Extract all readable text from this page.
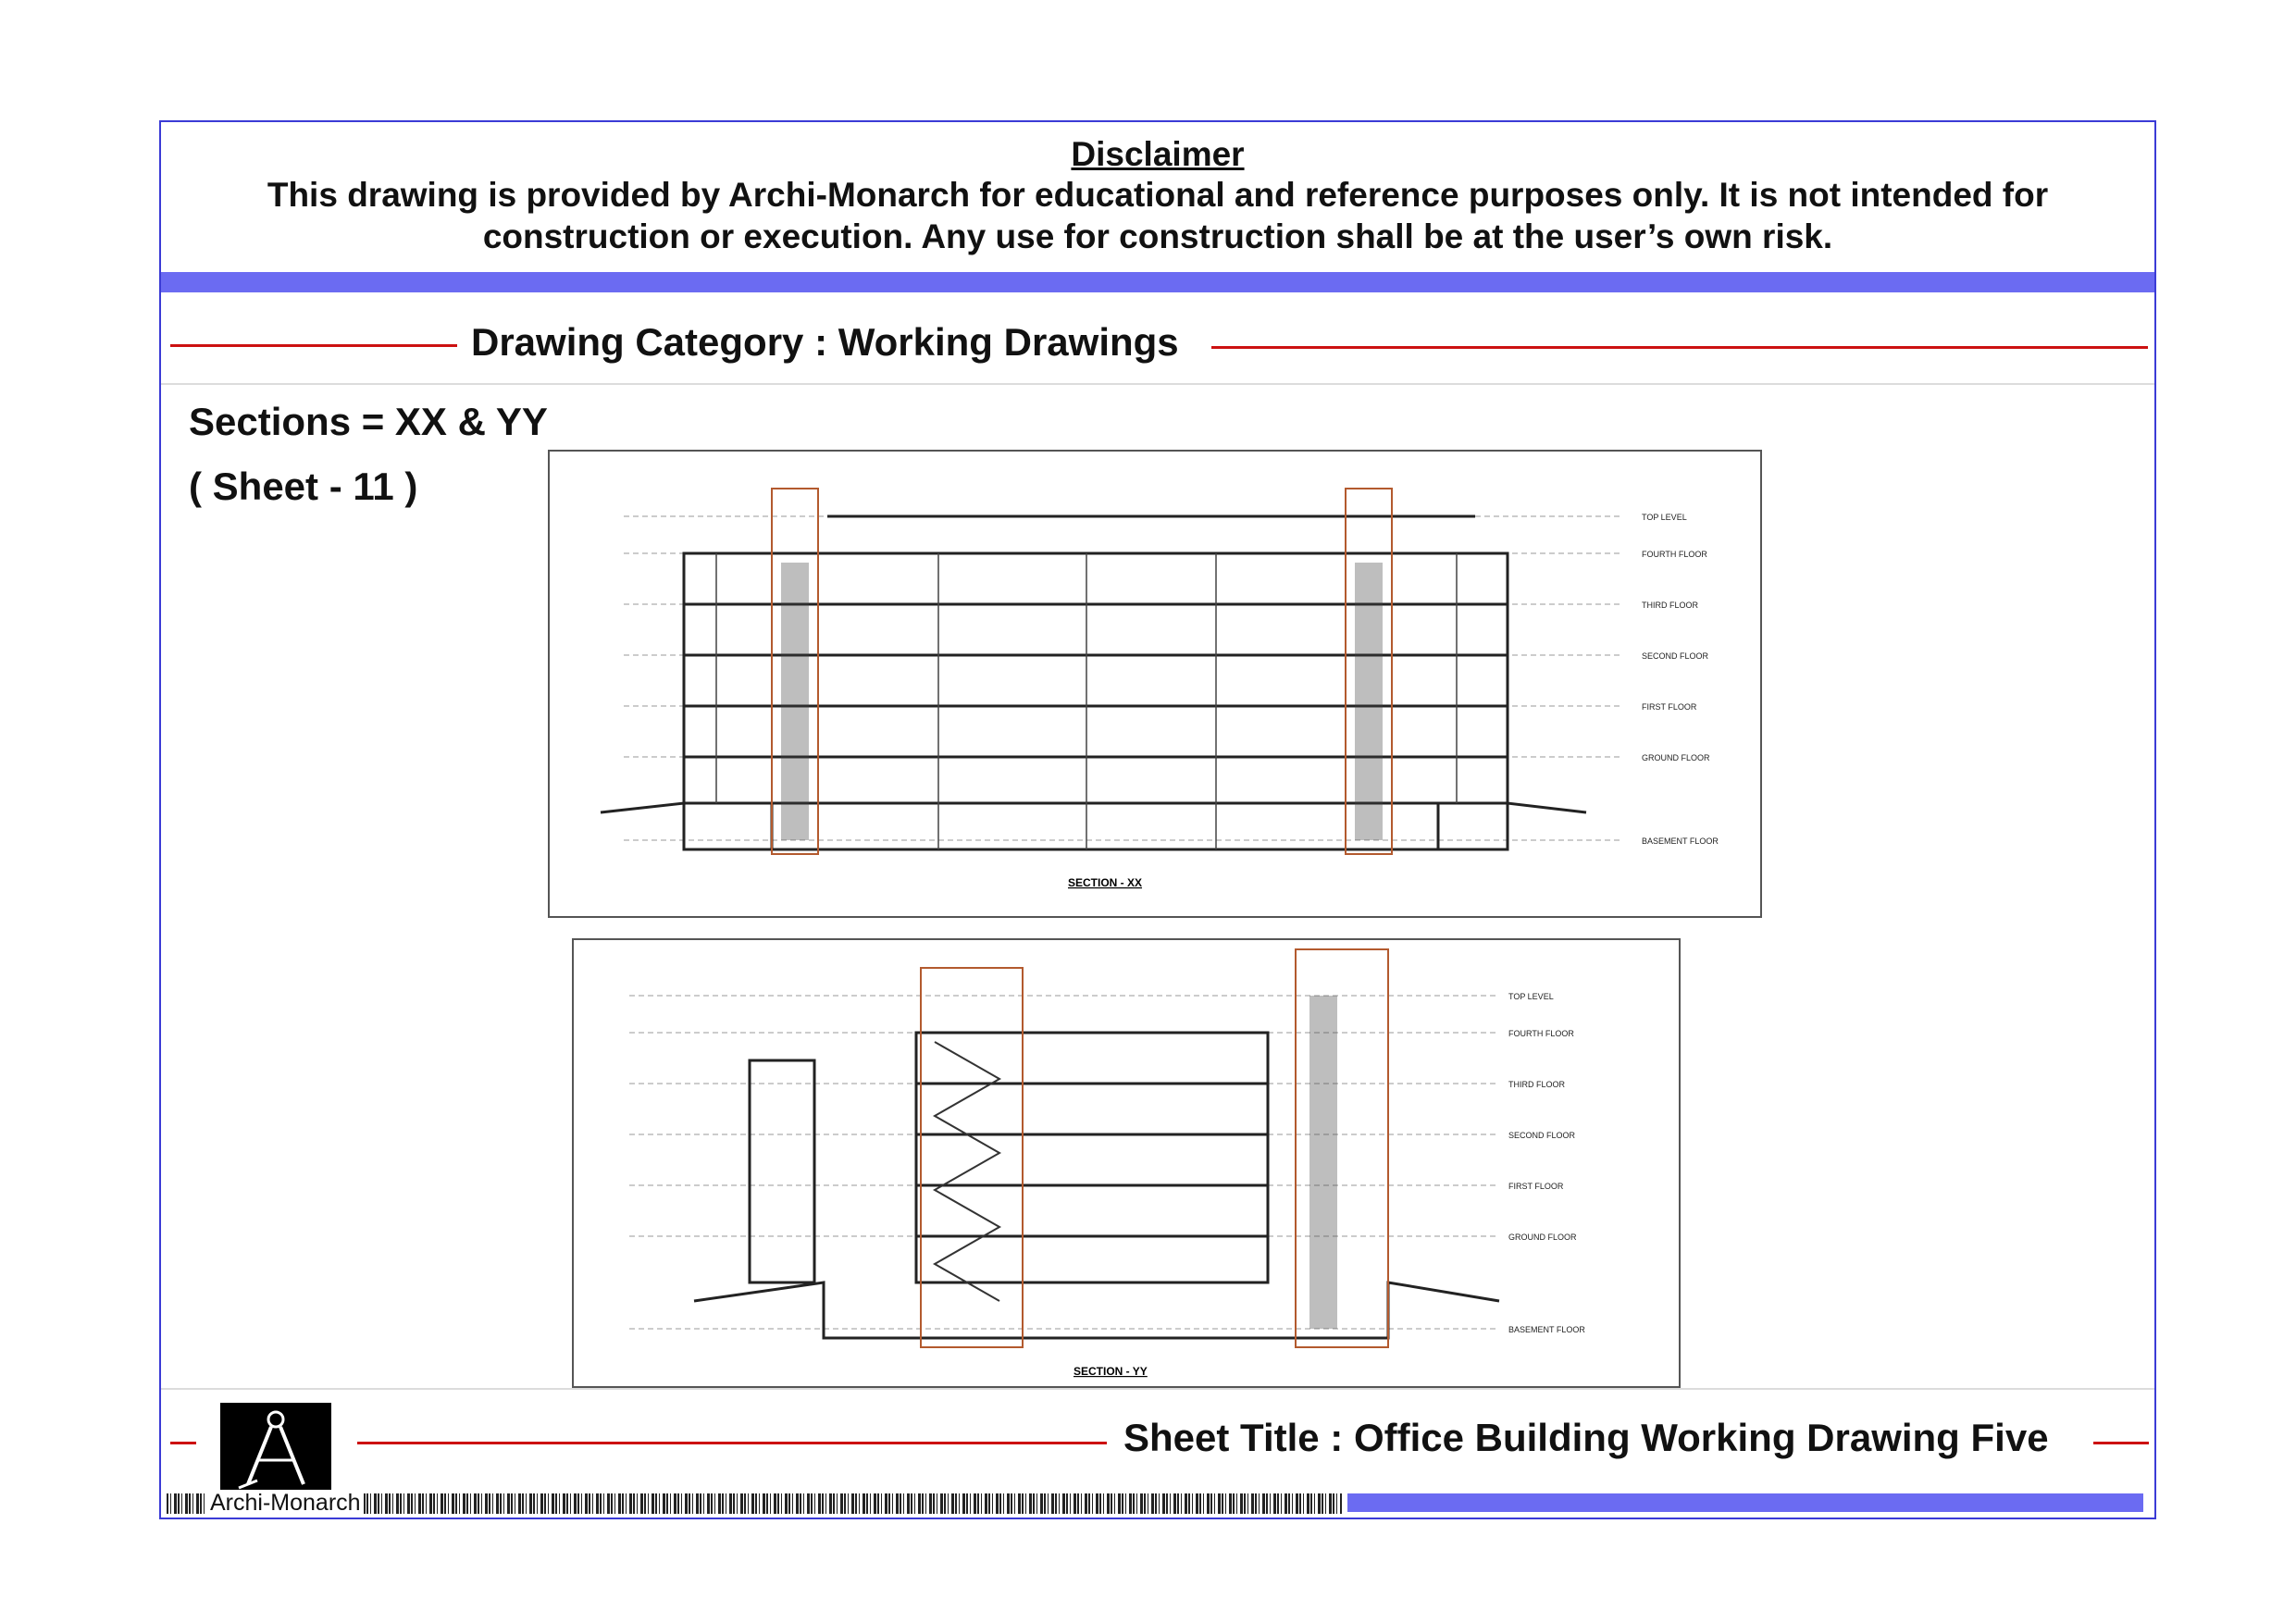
Disclaimer
This drawing is provided by Archi-Monarch for educational and reference purposes only. It is not intended for construction or execution. Any use for construction shall be at the user’s own risk.
Drawing Category : Working Drawings
Sections = XX & YY
( Sheet - 11 )
SECTION - XX
TOP LEVEL
FOURTH FLOOR
THIRD FLOOR
SECOND FLOOR
FIRST FLOOR
GROUND FLOOR
BASEMENT FLOOR
SECTION - YY
TOP LEVEL
FOURTH FLOOR
THIRD FLOOR
SECOND FLOOR
FIRST FLOOR
GROUND FLOOR
BASEMENT FLOOR
Sheet Title : Office Building Working Drawing Five
Archi-Monarch
